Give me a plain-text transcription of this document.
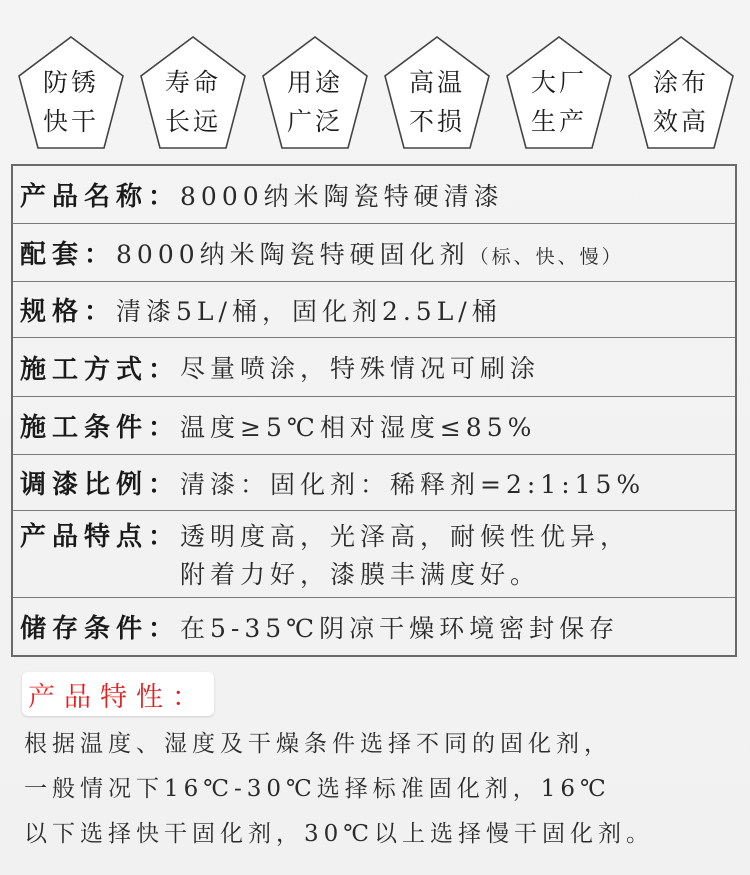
防锈
快干
寿命
长远
用途
广泛
高温
不损
大厂
生产
涂布
效高
产品名称： 8000纳米陶瓷特硬清漆
配套： 8000纳米陶瓷特硬固化剂（标、快、慢）
规格： 清漆5L/桶，固化剂2.5L/桶
施工方式： 尽量喷涂，特殊情况可刷涂
施工条件： 温度≥5℃相对湿度≤85%
调漆比例： 清漆：固化剂：稀释剂=2:1:15%
产品特点： 透明度高，光泽高，耐候性优异，
附着力好，漆膜丰满度好。
储存条件： 在5-35℃阴凉干燥环境密封保存
产品特性：
根据温度、湿度及干燥条件选择不同的固化剂，
一般情况下16℃-30℃选择标准固化剂，16℃
以下选择快干固化剂，30℃以上选择慢干固化剂。
